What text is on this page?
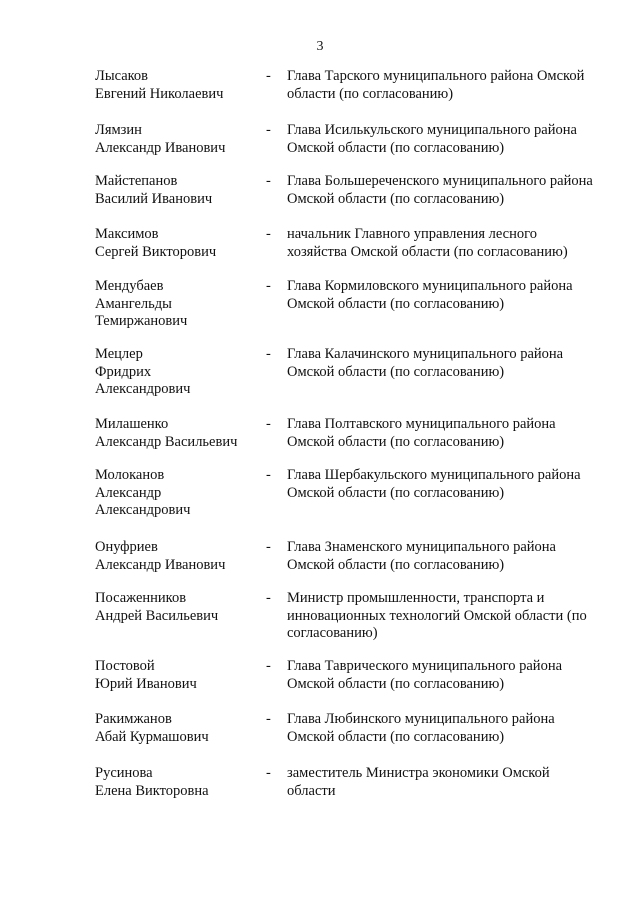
3
Лысаков
Евгений Николаевич
-	Глава Тарского муниципального района Омской области (по согласованию)
Лямзин
Александр Иванович
-	Глава Исилькульского муниципального района Омской области (по согласованию)
Майстепанов
Василий Иванович
-	Глава Большереченского муниципального района Омской области (по согласованию)
Максимов
Сергей Викторович
-	начальник Главного управления лесного хозяйства Омской области (по согласованию)
Мендубаев
Амангельды
Темиржанович
-	Глава Кормиловского муниципального района Омской области (по согласованию)
Мецлер
Фридрих
Александрович
-	Глава Калачинского муниципального района Омской области (по согласованию)
Милашенко
Александр Васильевич
-	Глава Полтавского муниципального района Омской области (по согласованию)
Молоканов
Александр
Александрович
-	Глава Шербакульского муниципального района Омской области (по согласованию)
Онуфриев
Александр Иванович
-	Глава Знаменского муниципального района Омской области (по согласованию)
Посаженников
Андрей Васильевич
-	Министр промышленности, транспорта и инновационных технологий Омской области (по согласованию)
Постовой
Юрий Иванович
-	Глава Таврического муниципального района Омской области (по согласованию)
Ракимжанов
Абай Курмашович
-	Глава Любинского муниципального района Омской области (по согласованию)
Русинова
Елена Викторовна
-	заместитель Министра экономики Омской области
